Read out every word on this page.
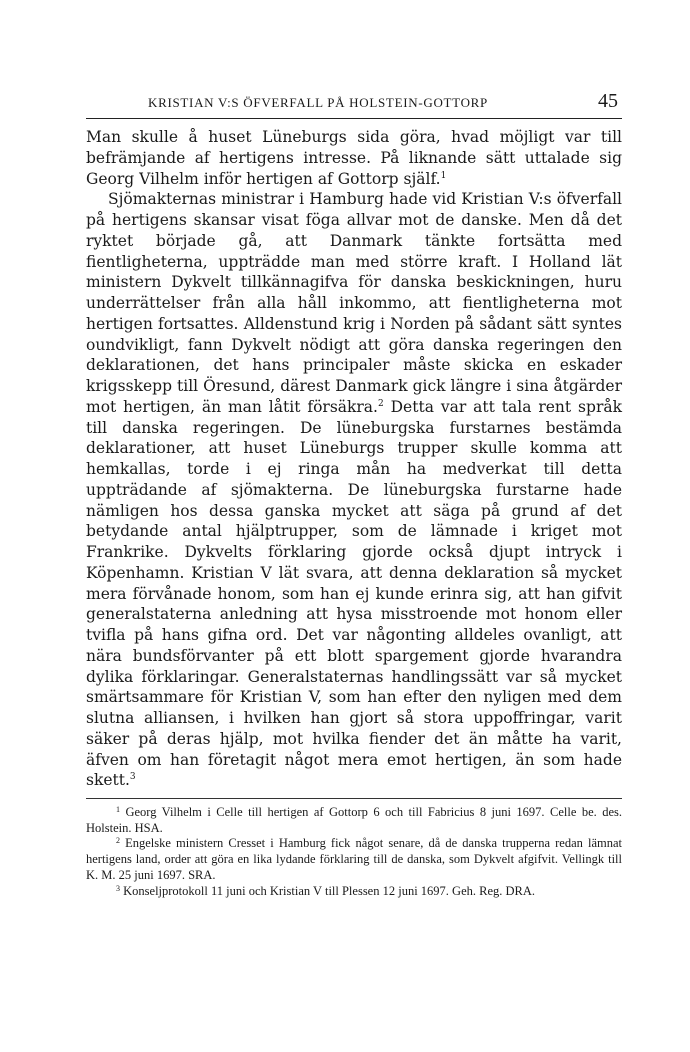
KRISTIAN V:S ÖFVERFALL PÅ HOLSTEIN-GOTTORP	45

Man skulle å huset Lüneburgs sida göra, hvad möjligt var till befrämjande af hertigens intresse. På liknande sätt uttalade sig Georg Vilhelm inför hertigen af Gottorp själf.$^1$

Sjömakternas ministrar i Hamburg hade vid Kristian V:s öfverfall på hertigens skansar visat föga allvar mot de danske. Men då det ryktet började gå, att Danmark tänkte fortsätta med fientligheterna, uppträdde man med större kraft. I Holland lät ministern Dykvelt tillkännagifva för danska beskickningen, huru underrättelser från alla håll inkommo, att fientligheterna mot hertigen fortsattes. Alldenstund krig i Norden på sådant sätt syntes oundvikligt, fann Dykvelt nödigt att göra danska regeringen den deklarationen, det hans principaler måste skicka en eskader krigsskepp till Öresund, därest Danmark gick längre i sina åtgärder mot hertigen, än man låtit försäkra.$^2$ Detta var att tala rent språk till danska regeringen. De lüneburgska furstarnes bestämda deklarationer, att huset Lüneburgs trupper skulle komma att hemkallas, torde i ej ringa mån ha medverkat till detta uppträdande af sjömakterna. De lüneburgska furstarne hade nämligen hos dessa ganska mycket att säga på grund af det betydande antal hjälptrupper, som de lämnade i kriget mot Frankrike. Dykvelts förklaring gjorde också djupt intryck i Köpenhamn. Kristian V lät svara, att denna deklaration så mycket mera förvånade honom, som han ej kunde erinra sig, att han gifvit generalstaterna anledning att hysa misstroende mot honom eller tvifla på hans gifna ord. Det var någonting alldeles ovanligt, att nära bundsförvanter på ett blott spargement gjorde hvarandra dylika förklaringar. Generalstaternas handlingssätt var så mycket smärtsammare för Kristian V, som han efter den nyligen med dem slutna alliansen, i hvilken han gjort så stora uppoffringar, varit säker på deras hjälp, mot hvilka fiender det än måtte ha varit, äfven om han företagit något mera emot hertigen, än som hade skett.$^3$

$^1$ Georg Vilhelm i Celle till hertigen af Gottorp 6 och till Fabricius 8 juni 1697. Celle be. des. Holstein. HSA.

$^2$ Engelske ministern Cresset i Hamburg fick något senare, då de danska trupperna redan lämnat hertigens land, order att göra en lika lydande förklaring till de danska, som Dykvelt afgifvit. Vellingk till K. M. 25 juni 1697. SRA.

$^3$ Konseljprotokoll 11 juni och Kristian V till Plessen 12 juni 1697. Geh. Reg. DRA.
